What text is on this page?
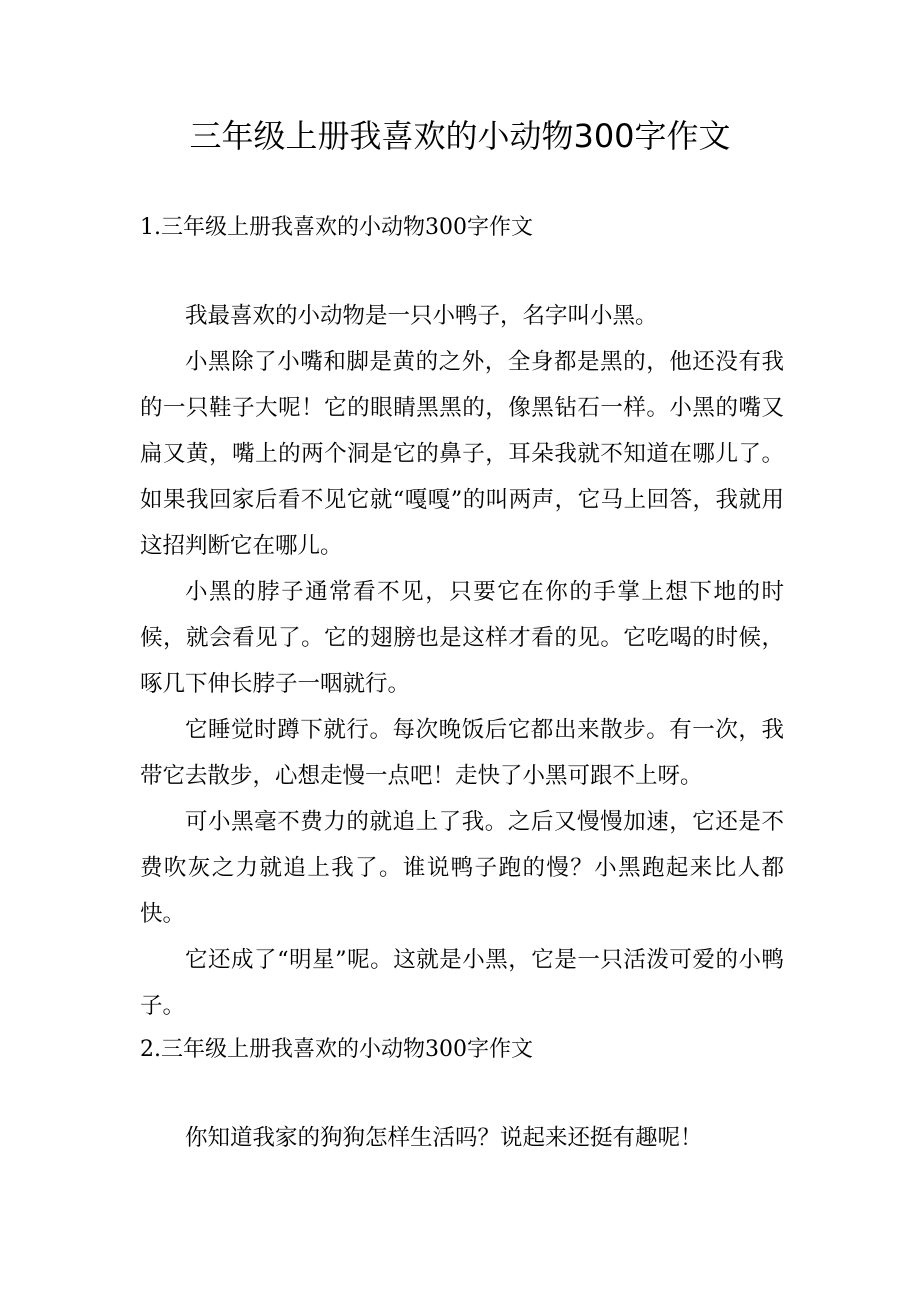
三年级上册我喜欢的小动物300字作文
1.三年级上册我喜欢的小动物300字作文

我最喜欢的小动物是一只小鸭子，名字叫小黑。

小黑除了小嘴和脚是黄的之外，全身都是黑的，他还没有我的一只鞋子大呢！它的眼睛黑黑的，像黑钻石一样。小黑的嘴又扁又黄，嘴上的两个洞是它的鼻子，耳朵我就不知道在哪儿了。如果我回家后看不见它就“嘎嘎”的叫两声，它马上回答，我就用这招判断它在哪儿。

小黑的脖子通常看不见，只要它在你的手掌上想下地的时候，就会看见了。它的翅膀也是这样才看的见。它吃喝的时候，啄几下伸长脖子一咽就行。

它睡觉时蹲下就行。每次晚饭后它都出来散步。有一次，我带它去散步，心想走慢一点吧！走快了小黑可跟不上呀。

可小黑毫不费力的就追上了我。之后又慢慢加速，它还是不费吹灰之力就追上我了。谁说鸭子跑的慢？小黑跑起来比人都快。

它还成了“明星”呢。这就是小黑，它是一只活泼可爱的小鸭子。

2.三年级上册我喜欢的小动物300字作文

你知道我家的狗狗怎样生活吗？说起来还挺有趣呢！
